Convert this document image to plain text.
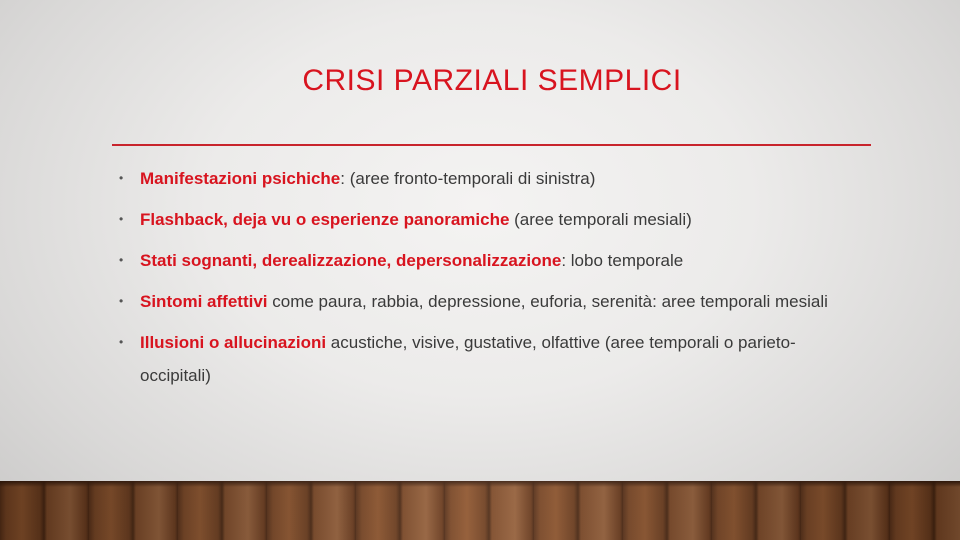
CRISI PARZIALI SEMPLICI
• Manifestazioni psichiche: (aree fronto-temporali di sinistra)
• Flashback, deja vu o esperienze panoramiche (aree temporali mesiali)
• Stati sognanti, derealizzazione, depersonalizzazione: lobo temporale
• Sintomi affettivi come paura, rabbia, depressione, euforia, serenità: aree temporali mesiali
• Illusioni o allucinazioni acustiche, visive, gustative, olfattive (aree temporali o parieto-occipitali)
